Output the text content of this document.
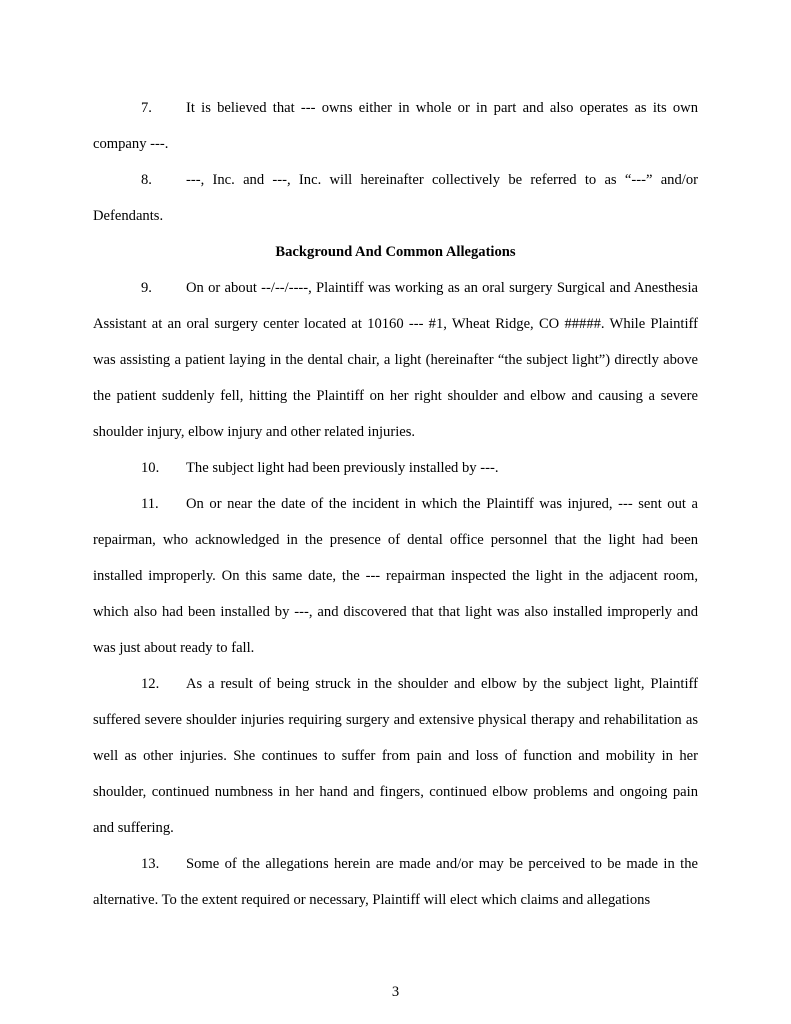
7. It is believed that --- owns either in whole or in part and also operates as its own company ---.

8. ---, Inc. and ---, Inc. will hereinafter collectively be referred to as “---” and/or Defendants.

Background And Common Allegations

9. On or about --/--/----, Plaintiff was working as an oral surgery Surgical and Anesthesia Assistant at an oral surgery center located at 10160 --- #1, Wheat Ridge, CO #####. While Plaintiff was assisting a patient laying in the dental chair, a light (hereinafter “the subject light”) directly above the patient suddenly fell, hitting the Plaintiff on her right shoulder and elbow and causing a severe shoulder injury, elbow injury and other related injuries.

10. The subject light had been previously installed by ---.

11. On or near the date of the incident in which the Plaintiff was injured, --- sent out a repairman, who acknowledged in the presence of dental office personnel that the light had been installed improperly. On this same date, the --- repairman inspected the light in the adjacent room, which also had been installed by ---, and discovered that that light was also installed improperly and was just about ready to fall.

12. As a result of being struck in the shoulder and elbow by the subject light, Plaintiff suffered severe shoulder injuries requiring surgery and extensive physical therapy and rehabilitation as well as other injuries. She continues to suffer from pain and loss of function and mobility in her shoulder, continued numbness in her hand and fingers, continued elbow problems and ongoing pain and suffering.

13. Some of the allegations herein are made and/or may be perceived to be made in the alternative. To the extent required or necessary, Plaintiff will elect which claims and allegations

3
